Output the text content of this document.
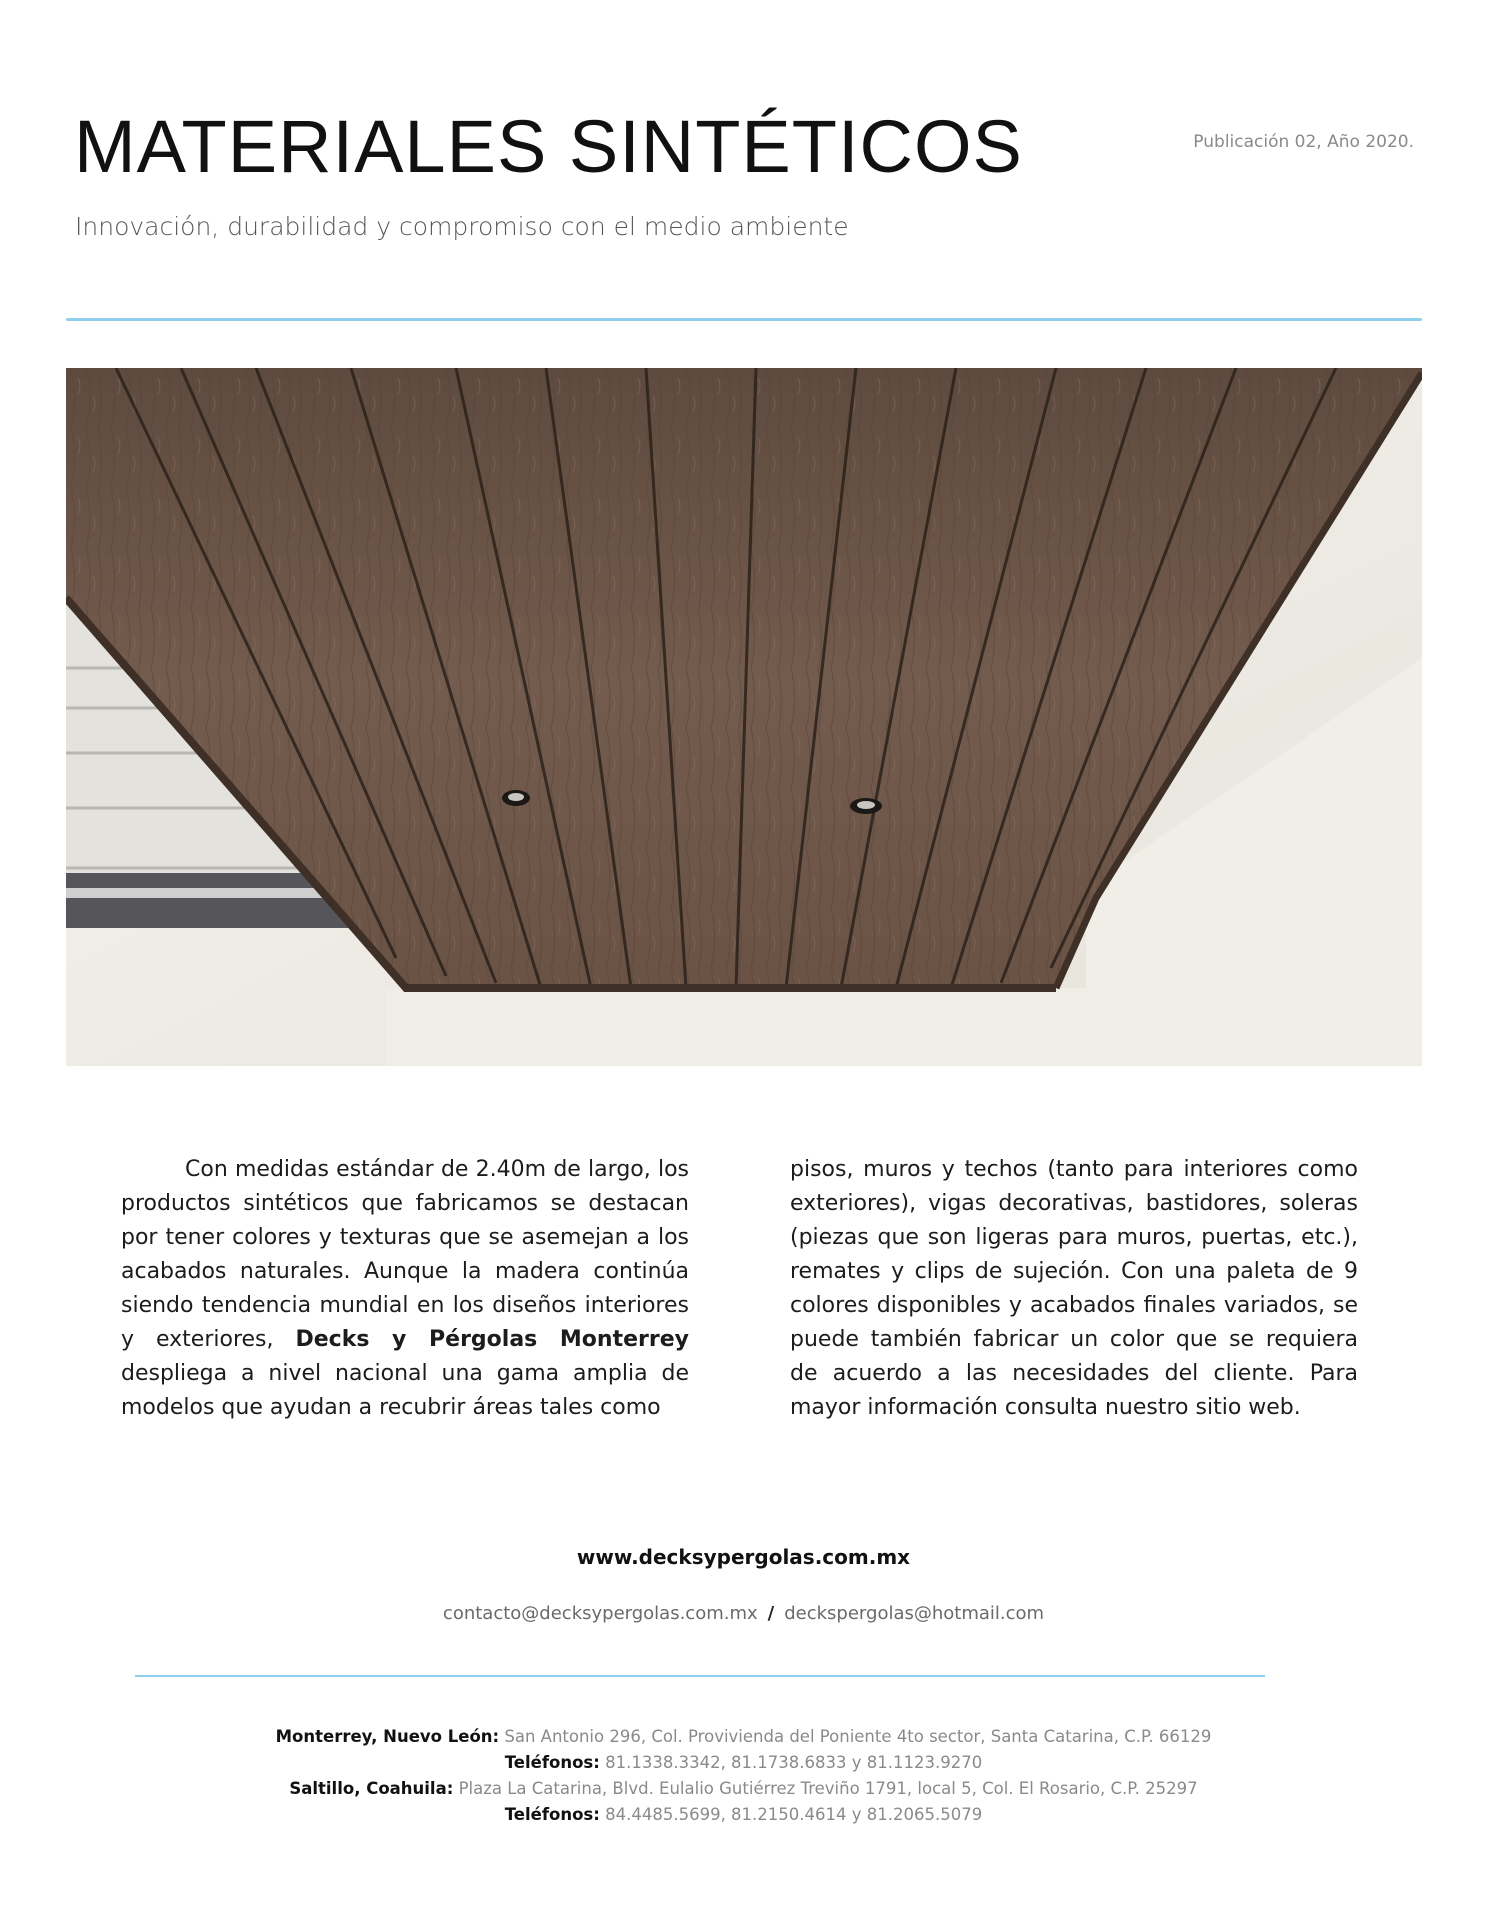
MATERIALES SINTÉTICOS	Publicación 02, Año 2020.
Innovación, durabilidad y compromiso con el medio ambiente

Con medidas estándar de 2.40m de largo, los productos sintéticos que fabricamos se destacan por tener colores y texturas que se asemejan a los acabados naturales. Aunque la madera continúa siendo tendencia mundial en los diseños interiores y exteriores, Decks y Pérgolas Monterrey despliega a nivel nacional una gama amplia de modelos que ayudan a recubrir áreas tales como

pisos, muros y techos (tanto para interiores como exteriores), vigas decorativas, bastidores, soleras (piezas que son ligeras para muros, puertas, etc.), remates y clips de sujeción. Con una paleta de 9 colores disponibles y acabados finales variados, se puede también fabricar un color que se requiera de acuerdo a las necesidades del cliente. Para mayor información consulta nuestro sitio web.

www.decksypergolas.com.mx
contacto@decksypergolas.com.mx / deckspergolas@hotmail.com
Monterrey, Nuevo León: San Antonio 296, Col. Provivienda del Poniente 4to sector, Santa Catarina, C.P. 66129
Teléfonos: 81.1338.3342, 81.1738.6833 y 81.1123.9270
Saltillo, Coahuila: Plaza La Catarina, Blvd. Eulalio Gutiérrez Treviño 1791, local 5, Col. El Rosario, C.P. 25297
Teléfonos: 84.4485.5699, 81.2150.4614 y 81.2065.5079
